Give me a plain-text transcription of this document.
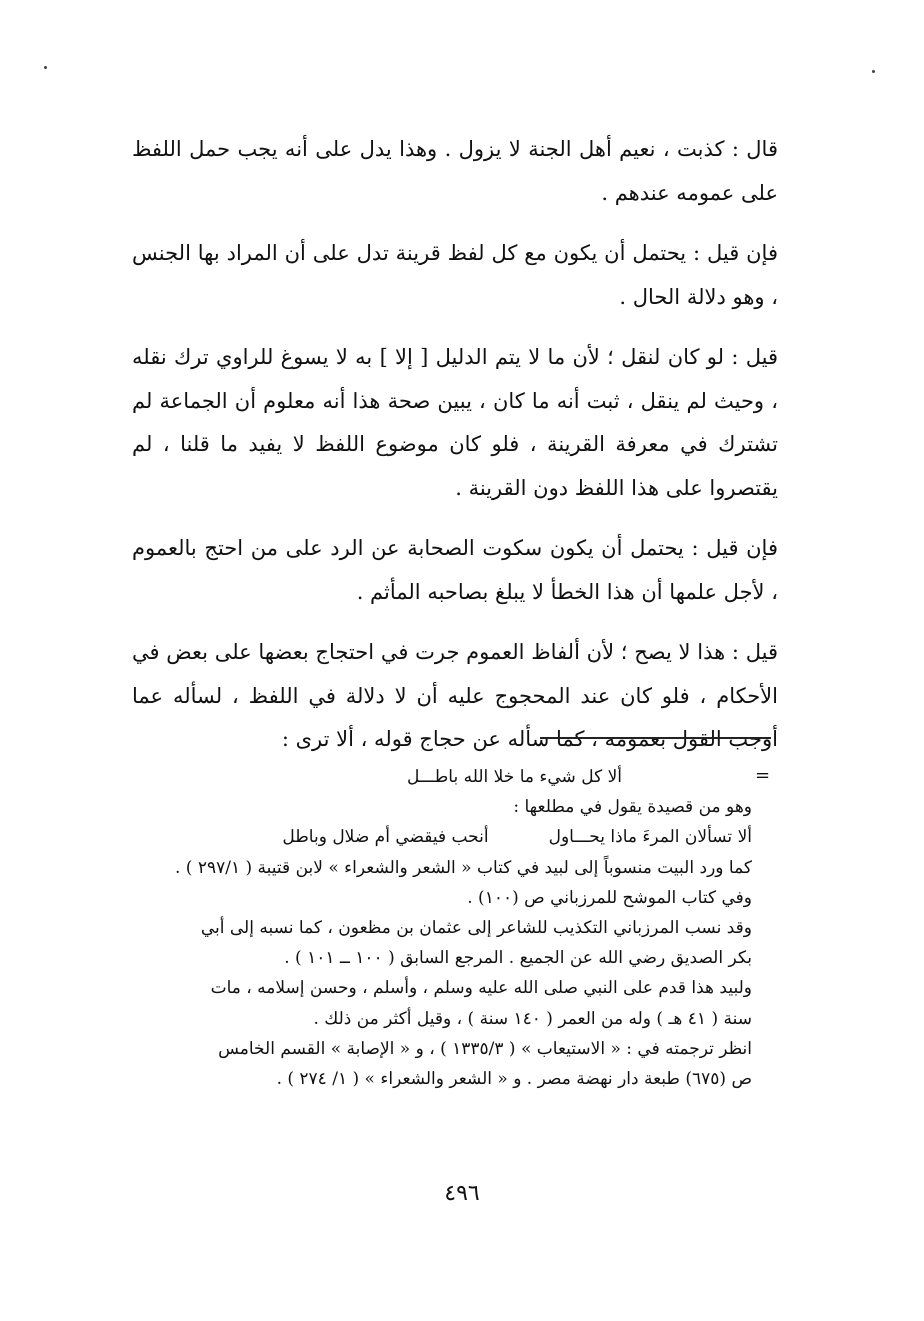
قال : كذبت ، نعيم أهل الجنة لا يزول . وهذا يدل على أنه يجب حمل اللفظ على عمومه عندهم .

فإن قيل : يحتمل أن يكون مع كل لفظ قرينة تدل على أن المراد بها الجنس ، وهو دلالة الحال .

قيل : لو كان لنقل ؛ لأن ما لا يتم الدليل [ إلا ] به لا يسوغ للراوي ترك نقله ، وحيث لم ينقل ، ثبت أنه ما كان ، يبين صحة هذا أنه معلوم أن الجماعة لم تشترك في معرفة القرينة ، فلو كان موضوع اللفظ لا يفيد ما قلنا ، لم يقتصروا على هذا اللفظ دون القرينة .

فإن قيل : يحتمل أن يكون سكوت الصحابة عن الرد على من احتج بالعموم ، لأجل علمها أن هذا الخطأ لا يبلغ بصاحبه المأثم .

قيل : هذا لا يصح ؛ لأن ألفاظ العموم جرت في احتجاج بعضها على بعض في الأحكام ، فلو كان عند المحجوج عليه أن لا دلالة في اللفظ ، لسأله عما أوجب القول بعمومه ، كما سأله عن حجاج قوله ، ألا ترى :

=
ألا كل شيء ما خلا الله باطـــل
وهو من قصيدة يقول في مطلعها :
ألا تسألان المرءَ ماذا يحـــاولأنحب فيقضي أم ضلال وباطل
كما ورد البيت منسوباً إلى لبيد في كتاب « الشعر والشعراء » لابن قتيبة ( ٢٩٧/١ ) .
وفي كتاب الموشح للمرزباني ص (١٠٠) .
وقد نسب المرزباني التكذيب للشاعر إلى عثمان بن مظعون ، كما نسبه إلى أبي
بكر الصديق رضي الله عن الجميع . المرجع السابق ( ١٠٠ ــ ١٠١ ) .
ولبيد هذا قدم على النبي صلى الله عليه وسلم ، وأسلم ، وحسن إسلامه ، مات
سنة ( ٤١ هـ ) وله من العمر ( ١٤٠ سنة ) ، وقيل أكثر من ذلك .
انظر ترجمته في : « الاستيعاب » ( ١٣٣٥/٣ ) ، و « الإصابة » القسم الخامس
ص (٦٧٥) طبعة دار نهضة مصر . و « الشعر والشعراء » ( ١/ ٢٧٤ ) .
٤٩٦
